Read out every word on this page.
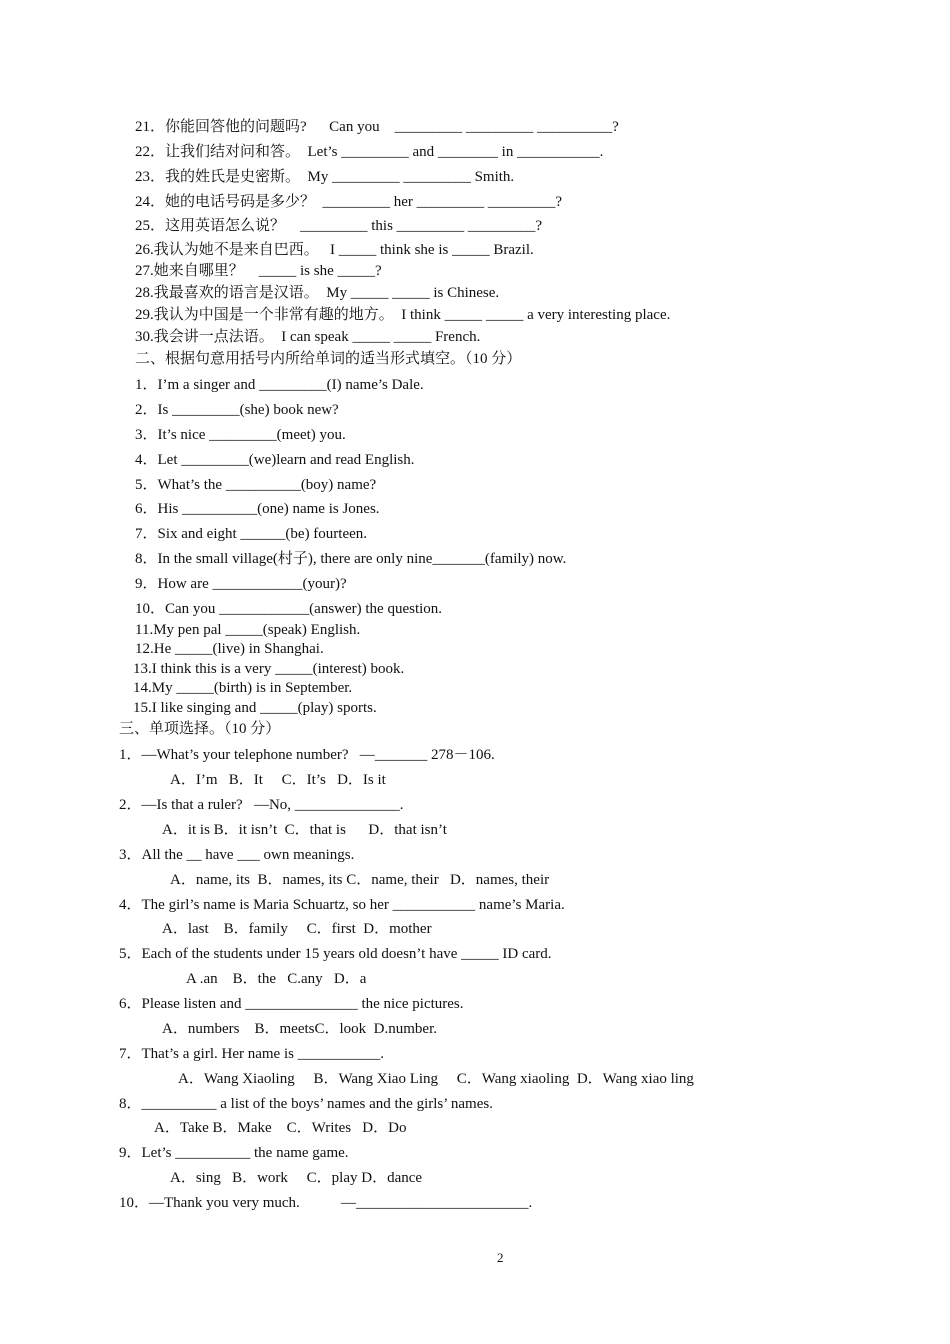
21．你能回答他的问题吗?      Can you    _________ _________ __________?
22．让我们结对问和答。  Let’s _________ and ________ in ___________.
23．我的姓氏是史密斯。  My _________ _________ Smith.
24．她的电话号码是多少？  _________ her _________ _________?
25．这用英语怎么说？    _________ this _________ _________?
26.我认为她不是来自巴西。   I _____ think she is _____ Brazil.
27.她来自哪里？    _____ is she _____?
28.我最喜欢的语言是汉语。  My _____ _____ is Chinese.
29.我认为中国是一个非常有趣的地方。  I think _____ _____ a very interesting place.
30.我会讲一点法语。  I can speak _____ _____ French.
二、根据句意用括号内所给单词的适当形式填空。（10 分）
1．I’m a singer and _________(I) name’s Dale.
2．Is _________(she) book new?
3．It’s nice _________(meet) you.
4．Let _________(we)learn and read English.
5．What’s the __________(boy) name?
6．His __________(one) name is Jones.
7．Six and eight ______(be) fourteen.
8．In the small village(村子), there are only nine_______(family) now.
9．How are ____________(your)?
10．Can you ____________(answer) the question.
11.My pen pal _____(speak) English.
12.He _____(live) in Shanghai.
13.I think this is a very _____(interest) book.
14.My _____(birth) is in September.
15.I like singing and _____(play) sports.
三、单项选择。（10 分）
1．—What’s your telephone number?   —_______ 278－106.
A．I’m   B．It     C．It’s   D．Is it
2．—Is that a ruler?   —No, ______________.
A．it is B．it isn’t  C．that is      D．that isn’t
3．All the __ have ___ own meanings.
A．name, its  B．names, its C．name, their   D．names, their
4．The girl’s name is Maria Schuartz, so her ___________ name’s Maria.
A．last    B．family     C．first  D．mother
5．Each of the students under 15 years old doesn’t have _____ ID card.
A .an    B．the   C.any   D．a
6．Please listen and _______________ the nice pictures.
A．numbers    B．meetsC．look  D.number.
7．That’s a girl. Her name is ___________.
A．Wang Xiaoling     B．Wang Xiao Ling     C．Wang xiaoling  D．Wang xiao ling
8．__________ a list of the boys’ names and the girls’ names.
A．Take B．Make    C．Writes   D．Do
9．Let’s __________ the name game.
A．sing   B．work     C．play D．dance
10．—Thank you very much.           —_______________________.
2
